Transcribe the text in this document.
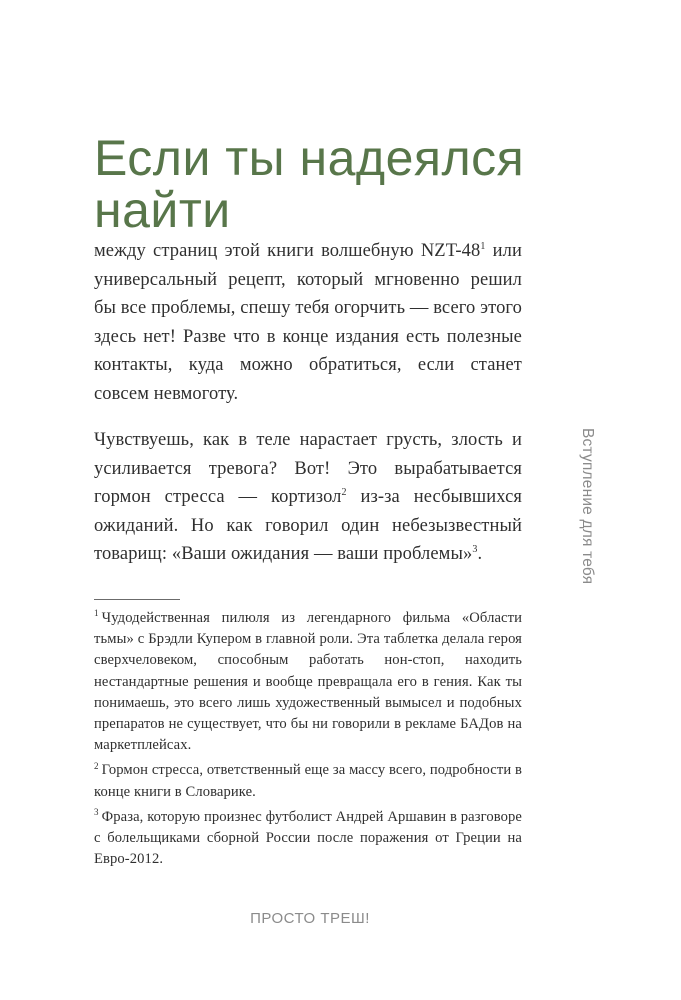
Если ты надеялся найти

между страниц этой книги волшебную NZT-$48^1$ или универсальный рецепт, который мгновенно решил бы все проблемы, спешу тебя огорчить — всего этого здесь нет! Разве что в конце издания есть полезные контакты, куда можно обратиться, если станет совсем невмоготу.

Чувствуешь, как в теле нарастает грусть, злость и усиливается тревога? Вот! Это вырабатывается гормон стресса — кортизол$^2$ из-за несбывшихся ожиданий. Но как говорил один небезызвестный товарищ: «Ваши ожидания — ваши проблемы»$^3$.

$^1$ Чудодейственная пилюля из легендарного фильма «Области тьмы» с Брэдли Купером в главной роли. Эта таблетка делала героя сверхчеловеком, способным работать нон-стоп, находить нестандартные решения и вообще превращала его в гения. Как ты понимаешь, это всего лишь художественный вымысел и подобных препаратов не существует, что бы ни говорили в рекламе БАДов на маркетплейсах.

$^2$ Гормон стресса, ответственный еще за массу всего, подробности в конце книги в Словарике.

$^3$ Фраза, которую произнес футболист Андрей Аршавин в разговоре с болельщиками сборной России после поражения от Греции на Евро-2012.

Вступление для тебя
ПРОСТО ТРЕШ!
